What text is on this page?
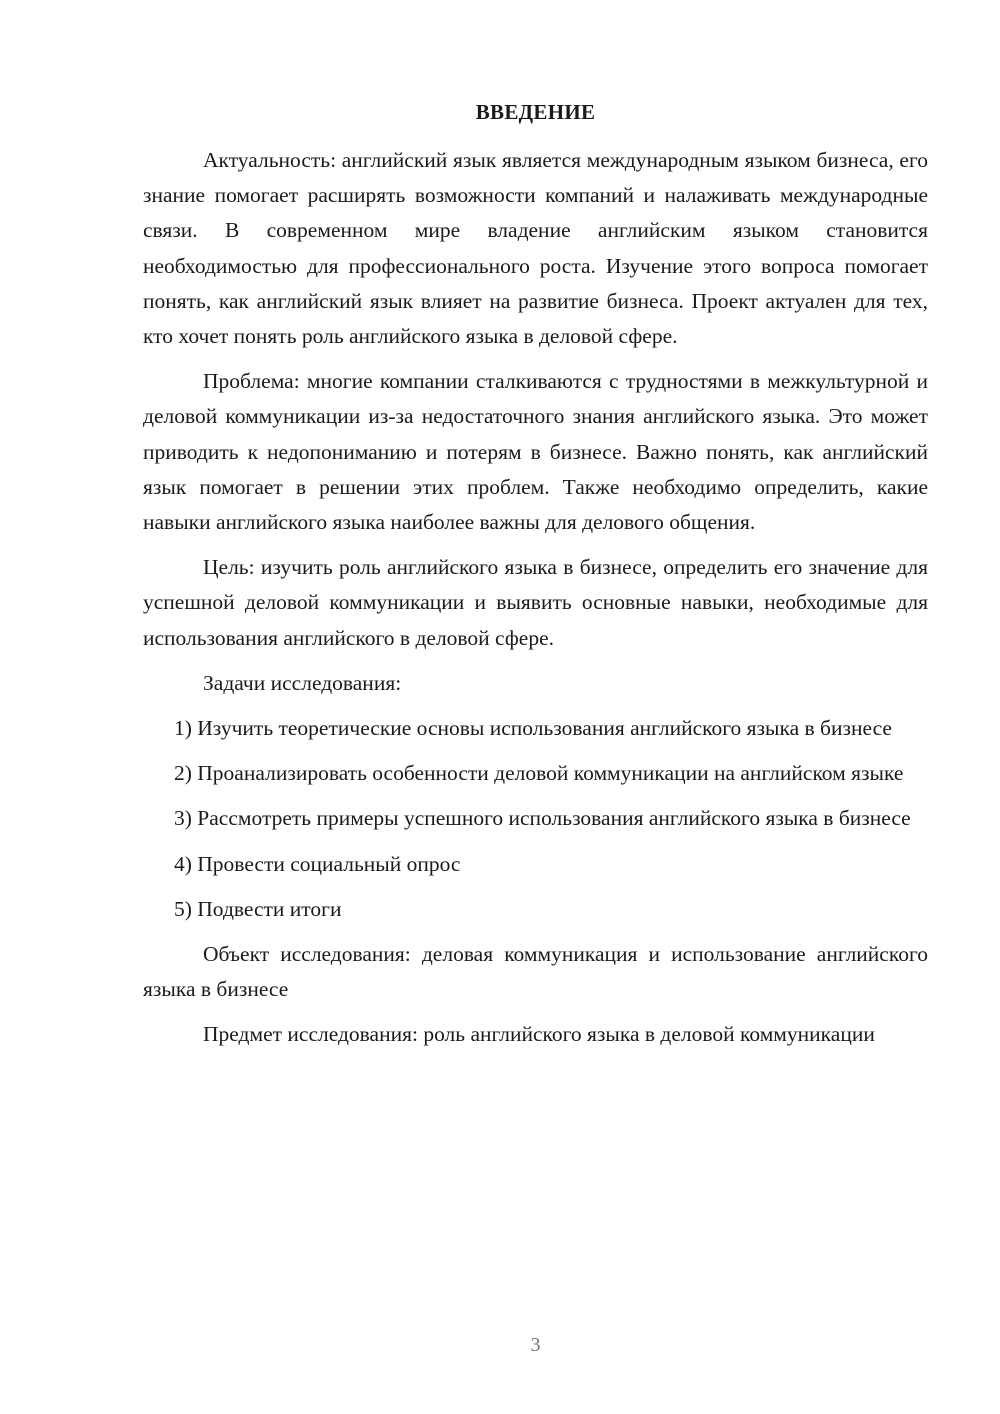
ВВЕДЕНИЕ

Актуальность: английский язык является международным языком бизнеса, его знание помогает расширять возможности компаний и налаживать международные связи. В современном мире владение английским языком становится необходимостью для профессионального роста. Изучение этого вопроса помогает понять, как английский язык влияет на развитие бизнеса. Проект актуален для тех, кто хочет понять роль английского языка в деловой сфере.

Проблема: многие компании сталкиваются с трудностями в межкультурной и деловой коммуникации из-за недостаточного знания английского языка. Это может приводить к недопониманию и потерям в бизнесе. Важно понять, как английский язык помогает в решении этих проблем. Также необходимо определить, какие навыки английского языка наиболее важны для делового общения.

Цель: изучить роль английского языка в бизнесе, определить его значение для успешной деловой коммуникации и выявить основные навыки, необходимые для использования английского в деловой сфере.

Задачи исследования:

1) Изучить теоретические основы использования английского языка в бизнесе

2) Проанализировать особенности деловой коммуникации на английском языке

3) Рассмотреть примеры успешного использования английского языка в бизнесе

4) Провести социальный опрос

5) Подвести итоги

Объект исследования: деловая коммуникация и использование английского языка в бизнесе

Предмет исследования: роль английского языка в деловой коммуникации

3
